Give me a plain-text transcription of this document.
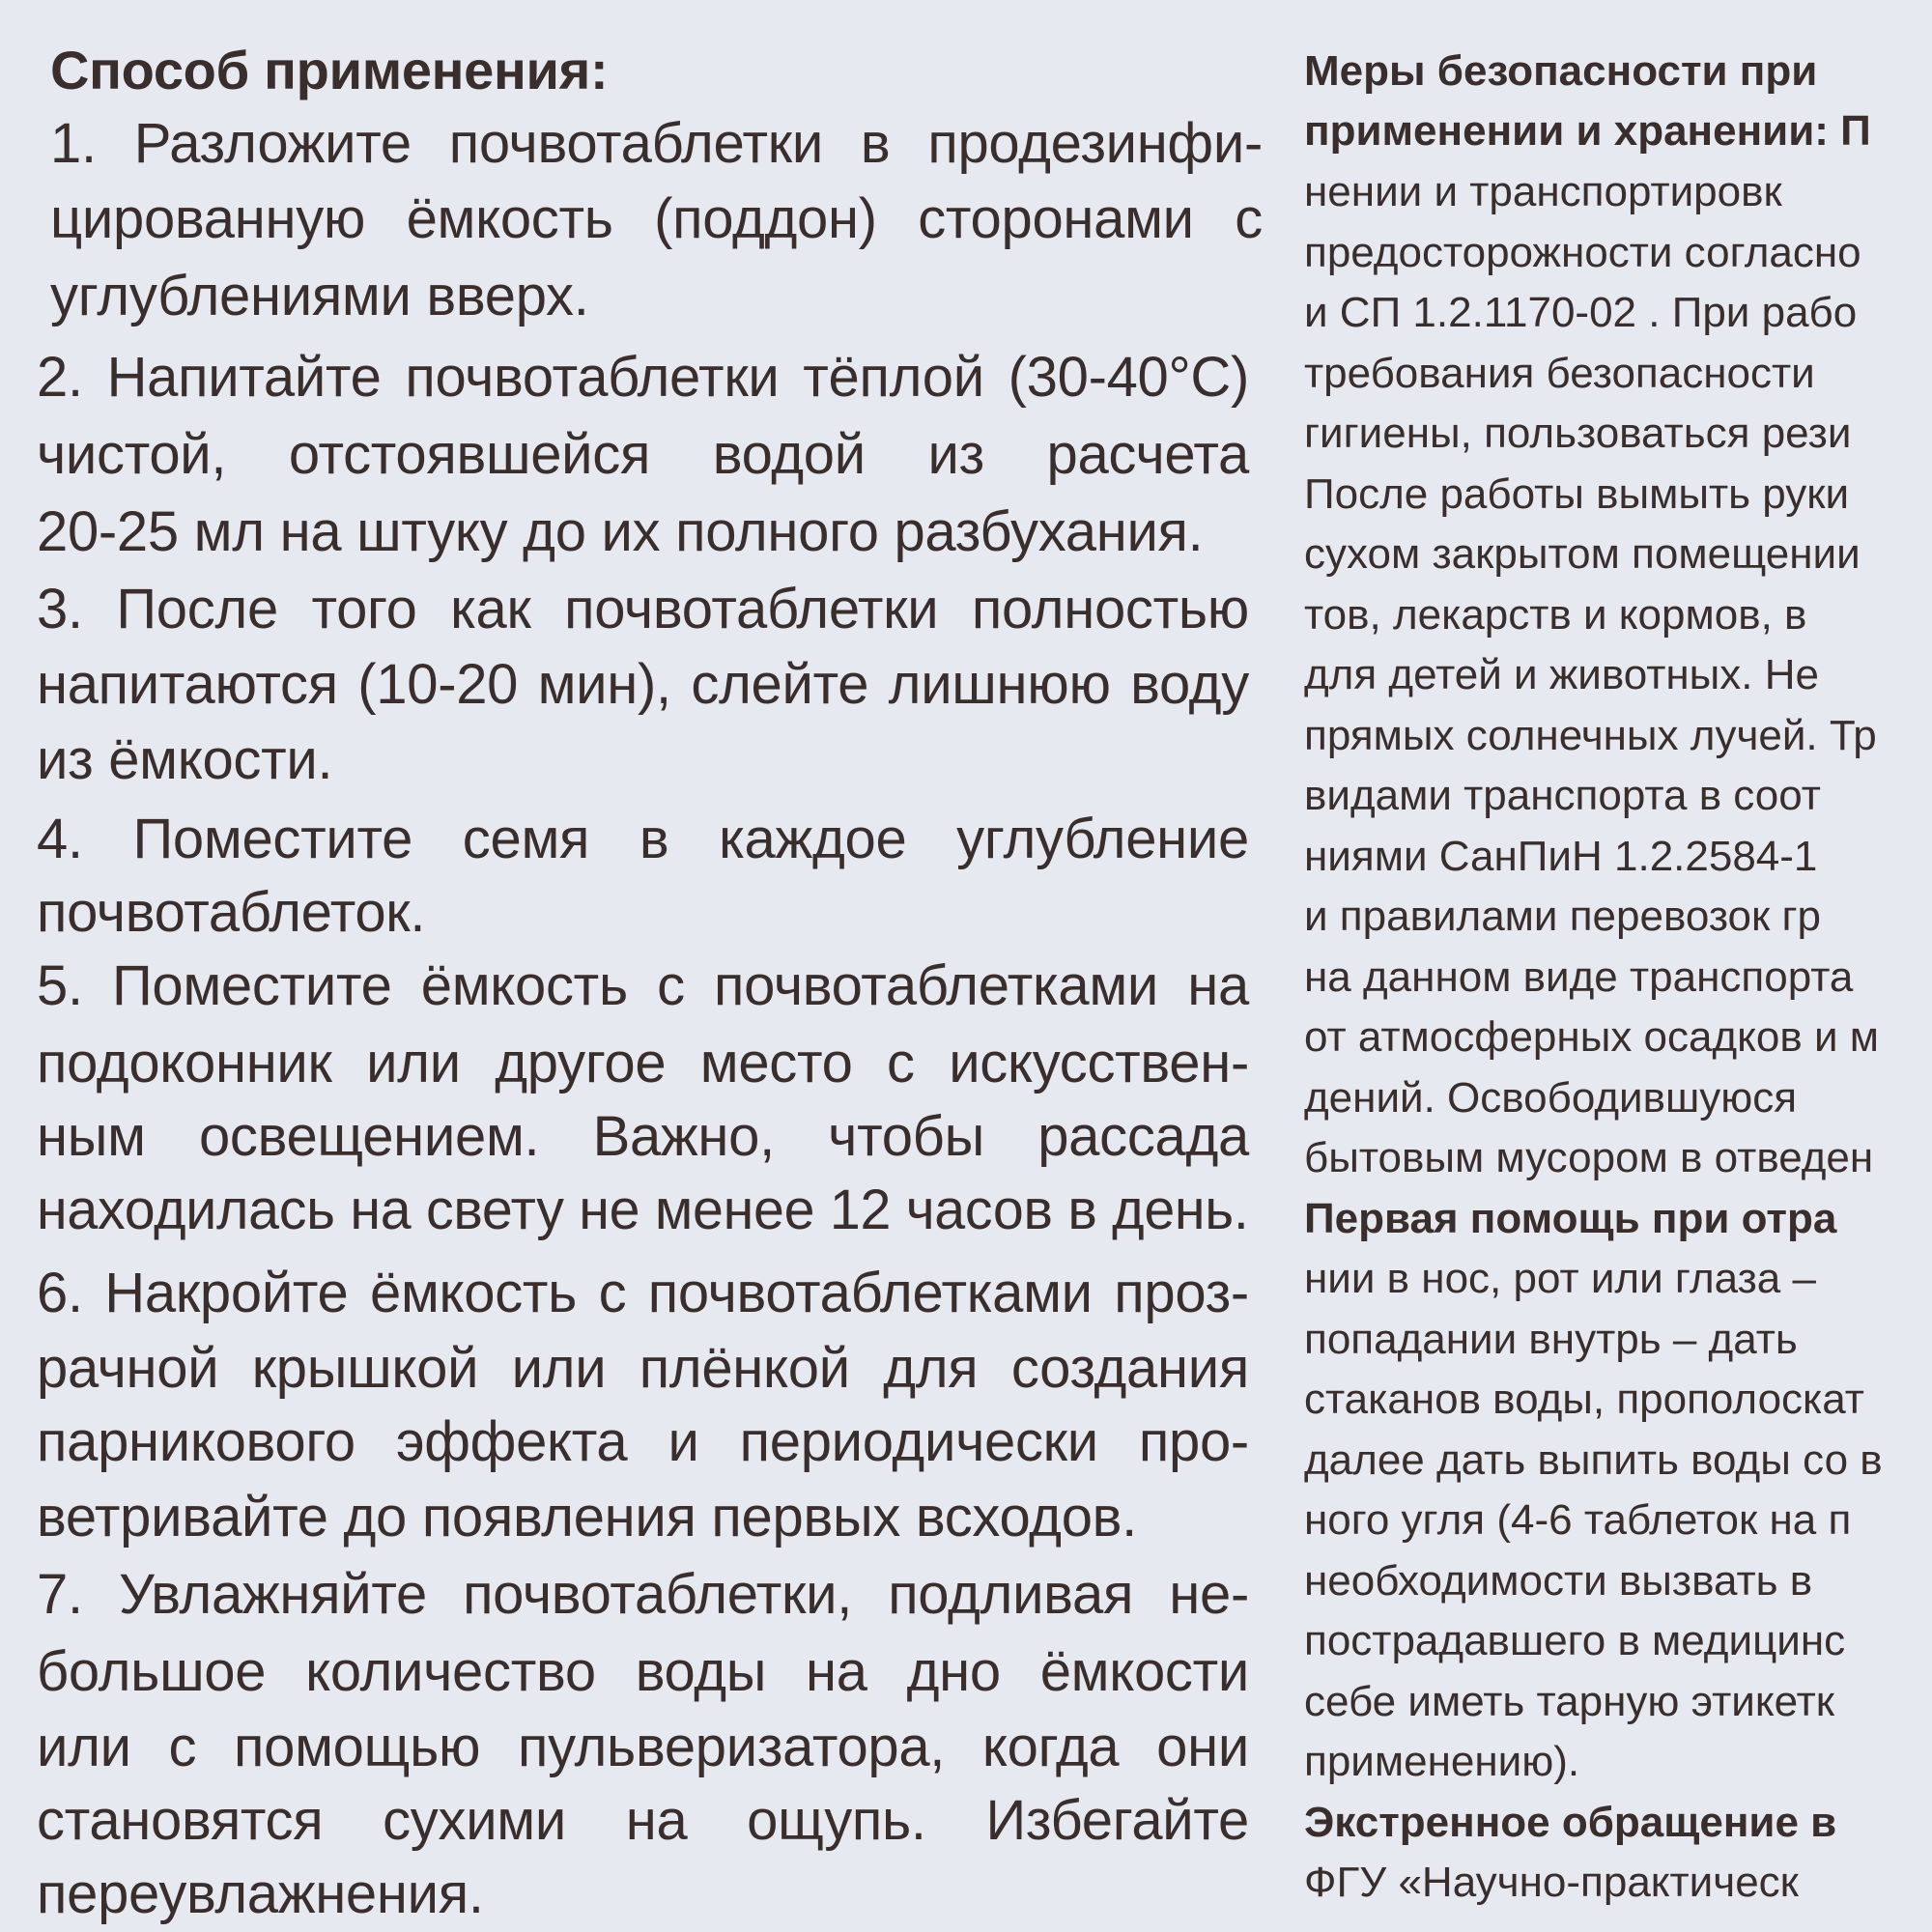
Способ применения:
1. Разложите почвотаблетки в продезинфи-
цированную ёмкость (поддон) сторонами с
углублениями вверх.
2. Напитайте почвотаблетки тёплой (30-40°С)
чистой, отстоявшейся водой из расчета
20-25 мл на штуку до их полного разбухания.
3. После того как почвотаблетки полностью
напитаются (10-20 мин), слейте лишнюю воду
из ёмкости.
4. Поместите семя в каждое углубление
почвотаблеток.
5. Поместите ёмкость с почвотаблетками на
подоконник или другое место с искусствен-
ным освещением. Важно, чтобы рассада
находилась на свету не менее 12 часов в день.
6. Накройте ёмкость с почвотаблетками проз-
рачной крышкой или плёнкой для создания
парникового эффекта и периодически про-
ветривайте до появления первых всходов.
7. Увлажняйте почвотаблетки, подливая не-
большое количество воды на дно ёмкости
или с помощью пульверизатора, когда они
становятся сухими на ощупь. Избегайте
переувлажнения.
Меры безопасности при
применении и хранении: П
нении и транспортировк
предосторожности согласно
и СП 1.2.1170-02 . При рабо
требования безопасности
гигиены, пользоваться рези
После работы вымыть руки
сухом закрытом помещении
тов, лекарств и кормов, в
для детей и животных. Не
прямых солнечных лучей. Тр
видами транспорта в соот
ниями СанПиН 1.2.2584-1
и правилами перевозок гр
на данном виде транспорта
от атмосферных осадков и м
дений. Освободившуюся
бытовым мусором в отведен
Первая помощь при отра
нии в нос, рот или глаза –
попадании внутрь – дать
стаканов воды, прополоскат
далее дать выпить воды со в
ного угля (4-6 таблеток на п
необходимости вызвать в
пострадавшего в медицинс
себе иметь тарную этикетк
применению).
Экстренное обращение в
ФГУ «Научно-практическ
